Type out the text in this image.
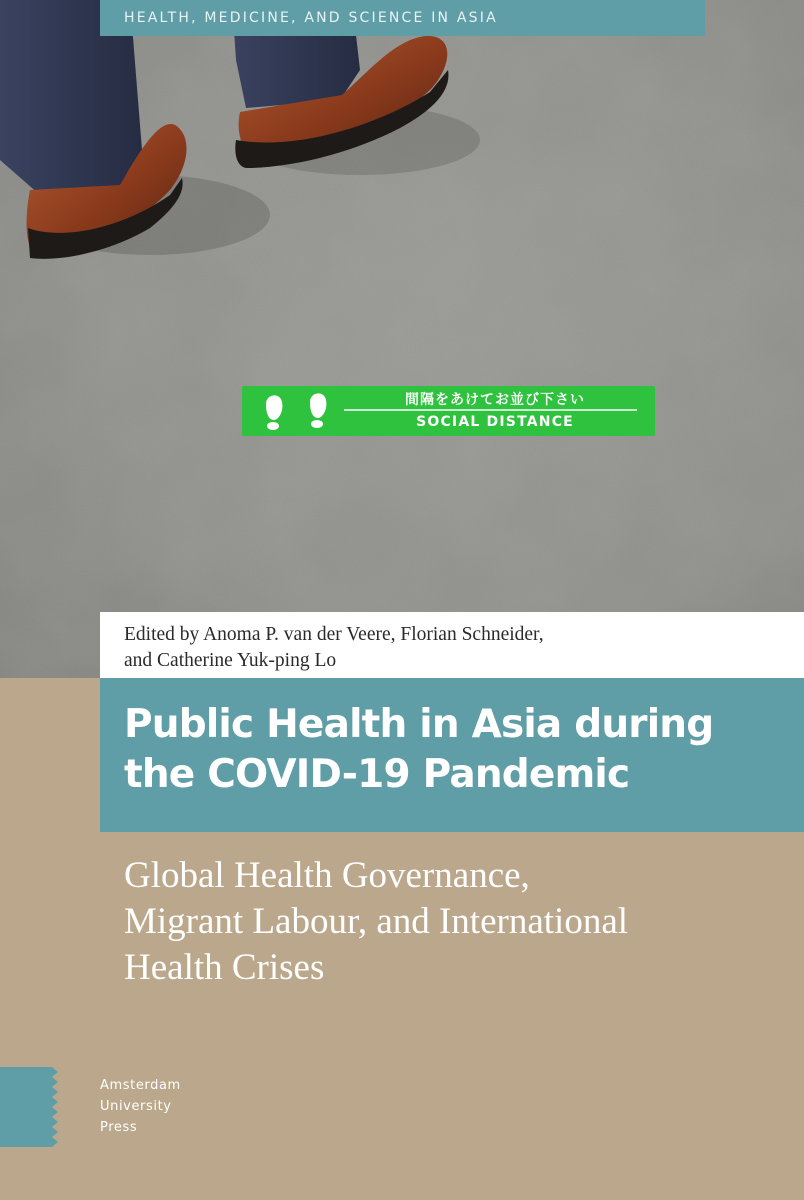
間隔をあけてお並び下さい
SOCIAL DISTANCE
HEALTH, MEDICINE, AND SCIENCE IN ASIA
Edited by Anoma P. van der Veere, Florian Schneider,
and Catherine Yuk-ping Lo
Public Health in Asia during
the COVID-19 Pandemic
Global Health Governance,
Migrant Labour, and International
Health Crises
Amsterdam
University
Press
